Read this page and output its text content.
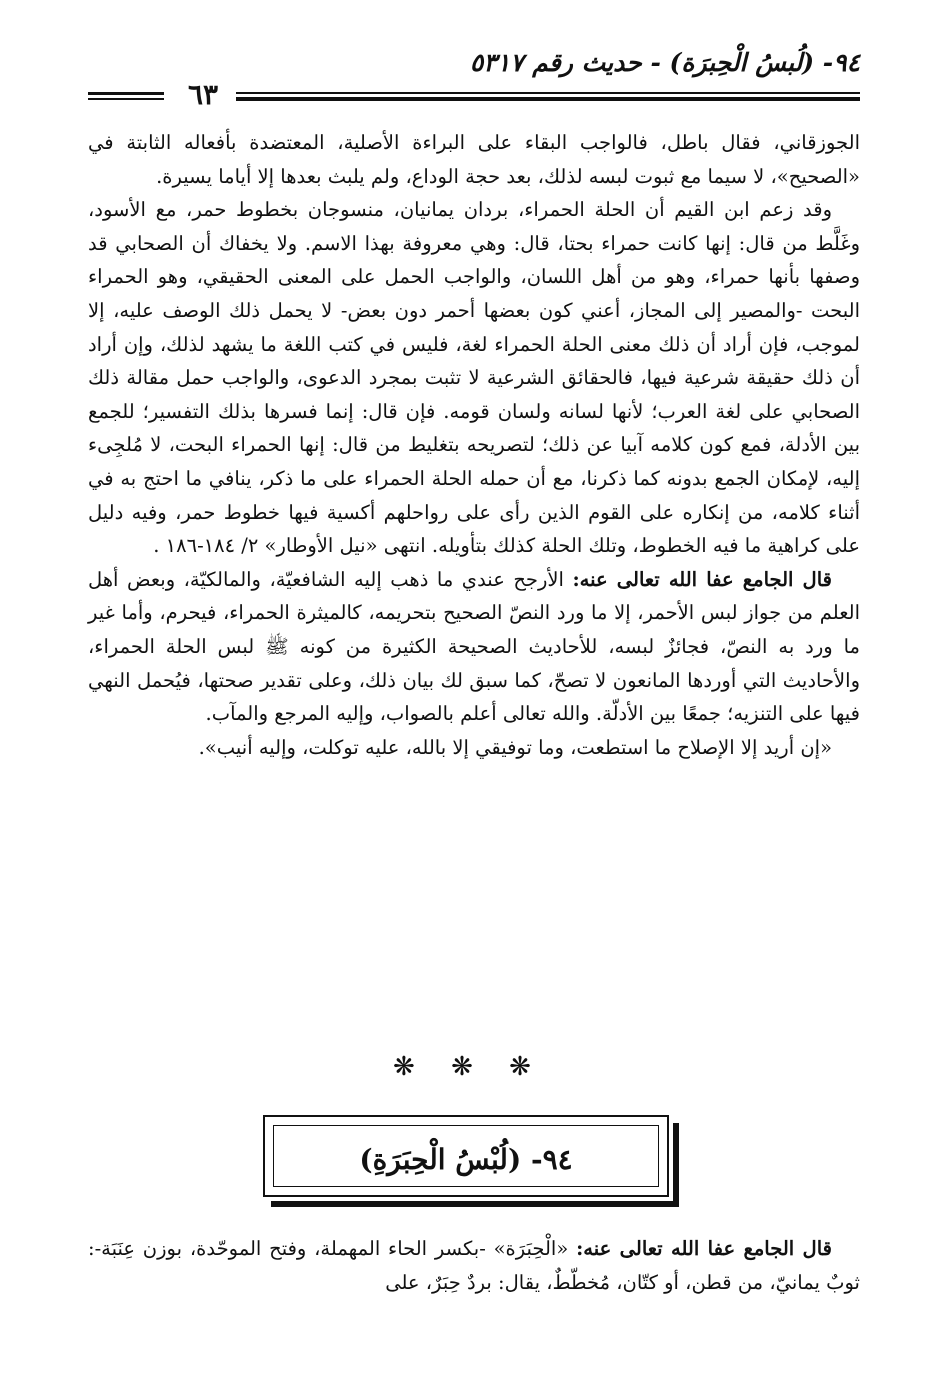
٩٤- (لُبسُ الْحِبرَة) - حديث رقم ٥٣١٧
٦٣

الجوزقاني، فقال باطل، فالواجب البقاء على البراءة الأصلية، المعتضدة بأفعاله الثابتة في «الصحيح»، لا سيما مع ثبوت لبسه لذلك، بعد حجة الوداع، ولم يلبث بعدها إلا أياما يسيرة.

وقد زعم ابن القيم أن الحلة الحمراء، بردان يمانيان، منسوجان بخطوط حمر، مع الأسود، وغَلَّط من قال: إنها كانت حمراء بحتا، قال: وهي معروفة بهذا الاسم. ولا يخفاك أن الصحابي قد وصفها بأنها حمراء، وهو من أهل اللسان، والواجب الحمل على المعنى الحقيقي، وهو الحمراء البحت -والمصير إلى المجاز، أعني كون بعضها أحمر دون بعض- لا يحمل ذلك الوصف عليه، إلا لموجب، فإن أراد أن ذلك معنى الحلة الحمراء لغة، فليس في كتب اللغة ما يشهد لذلك، وإن أراد أن ذلك حقيقة شرعية فيها، فالحقائق الشرعية لا تثبت بمجرد الدعوى، والواجب حمل مقالة ذلك الصحابي على لغة العرب؛ لأنها لسانه ولسان قومه. فإن قال: إنما فسرها بذلك التفسير؛ للجمع بين الأدلة، فمع كون كلامه آبيا عن ذلك؛ لتصريحه بتغليط من قال: إنها الحمراء البحت، لا مُلجِىء إليه، لإمكان الجمع بدونه كما ذكرنا، مع أن حمله الحلة الحمراء على ما ذكر، ينافي ما احتج به في أثناء كلامه، من إنكاره على القوم الذين رأى على رواحلهم أكسية فيها خطوط حمر، وفيه دليل على كراهية ما فيه الخطوط، وتلك الحلة كذلك بتأويله. انتهى «نيل الأوطار» ٢/ ١٨٤-١٨٦ .

قال الجامع عفا الله تعالى عنه: الأرجح عندي ما ذهب إليه الشافعيّة، والمالكيّة، وبعض أهل العلم من جواز لبس الأحمر، إلا ما ورد النصّ الصحيح بتحريمه، كالميثرة الحمراء، فيحرم، وأما غير ما ورد به النصّ، فجائزٌ لبسه، للأحاديث الصحيحة الكثيرة من كونه ﷺ لبس الحلة الحمراء، والأحاديث التي أوردها المانعون لا تصحّ، كما سبق لك بيان ذلك، وعلى تقدير صحتها، فيُحمل النهي فيها على التنزيه؛ جمعًا بين الأدلّة. والله تعالى أعلم بالصواب، وإليه المرجع والمآب.

«إن أريد إلا الإصلاح ما استطعت، وما توفيقي إلا بالله، عليه توكلت، وإليه أنيب».

❋ ❋ ❋
٩٤- (لُبْسُ الْحِبَرَةِ)

قال الجامع عفا الله تعالى عنه: «الْحِبَرَة» -بكسر الحاء المهملة، وفتح الموحّدة، بوزن عِنَبَة-: ثوبٌ يمانيّ، من قطن، أو كتّان، مُخطّطٌ، يقال: بردٌ حِبَرٌ، على
